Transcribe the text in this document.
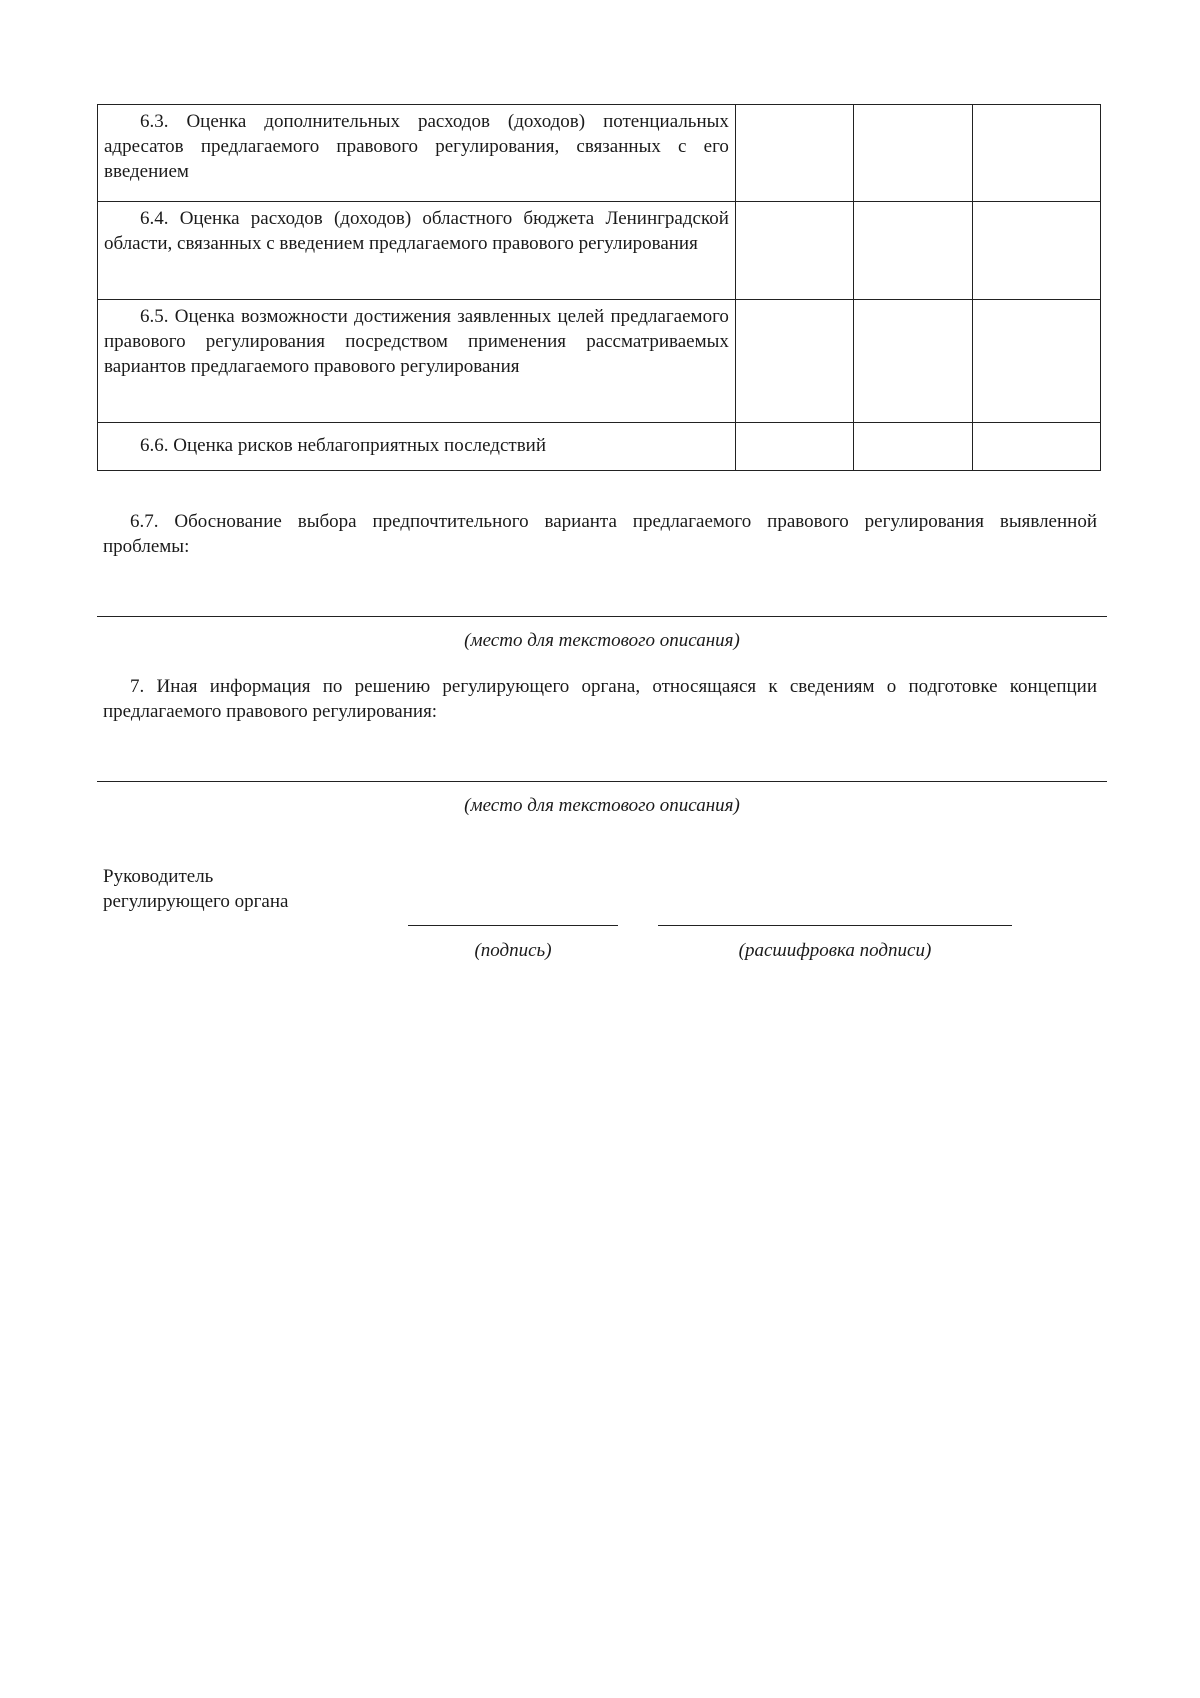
6.3. Оценка дополнительных расходов (доходов) потенциальных адресатов предлагаемого правового регулирования, связанных с его введением			

6.4. Оценка расходов (доходов) областного бюджета Ленинградской области, связанных с введением предлагаемого правового регулирования			

6.5. Оценка возможности достижения заявленных целей предлагаемого правового регулирования посредством применения рассматриваемых вариантов предлагаемого правового регулирования			

6.6. Оценка рисков неблагоприятных последствий			

6.7. Обоснование выбора предпочтительного варианта предлагаемого правового регулирования выявленной проблемы:
(место для текстового описания)
7. Иная информация по решению регулирующего органа, относящаяся к сведениям о подготовке концепции предлагаемого правового регулирования:
(место для текстового описания)
Руководитель
регулирующего органа
(подпись)	(расшифровка подписи)
